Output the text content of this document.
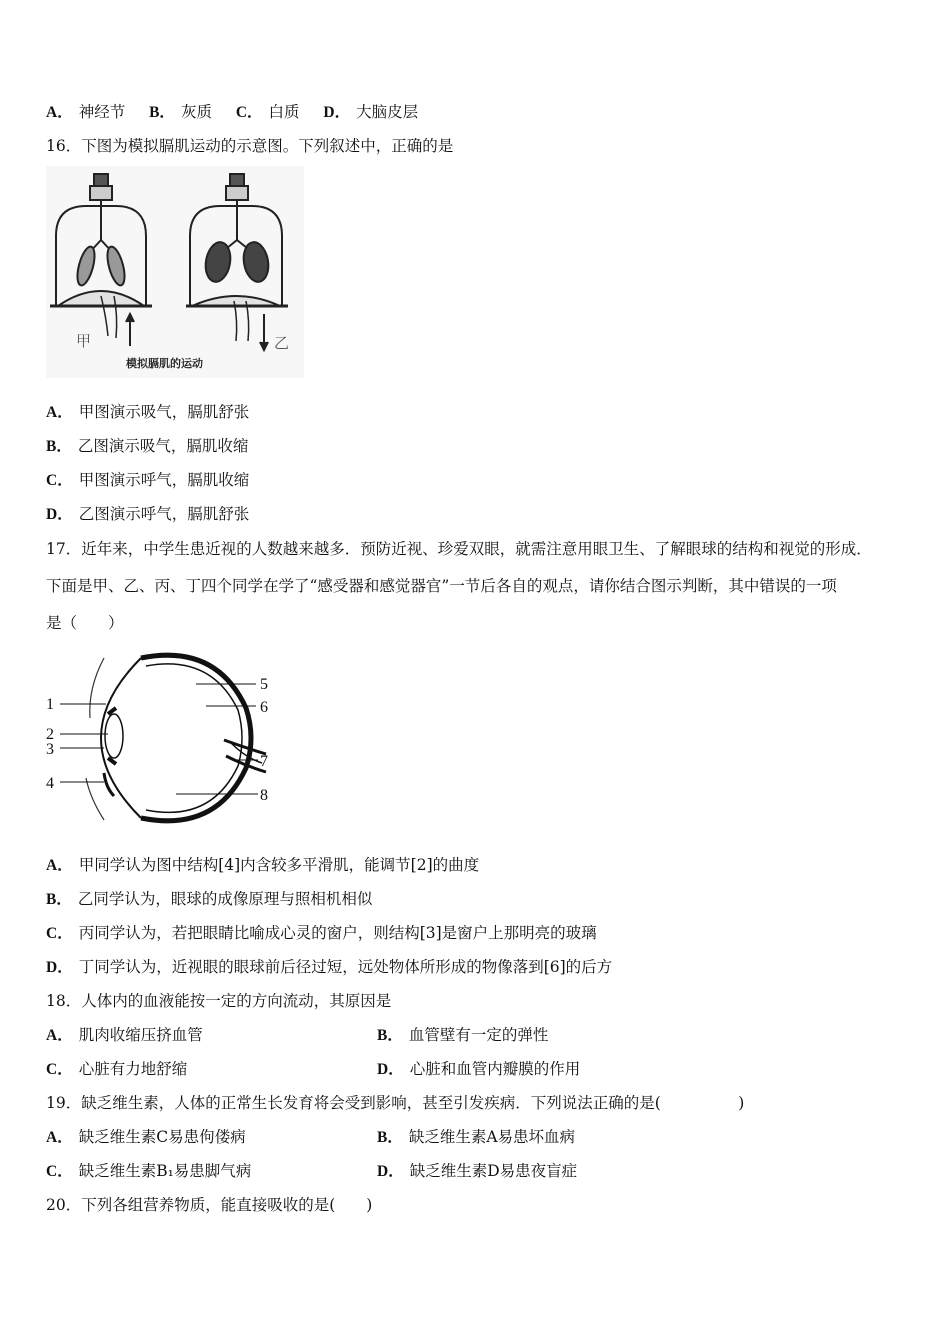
A． 神经节 B． 灰质 C． 白质 D． 大脑皮层
16．下图为模拟膈肌运动的示意图。下列叙述中，正确的是
甲	乙
模拟膈肌的运动
A． 甲图演示吸气，膈肌舒张
B． 乙图演示吸气，膈肌收缩
C． 甲图演示呼气，膈肌收缩
D． 乙图演示呼气，膈肌舒张
17．近年来，中学生患近视的人数越来越多．预防近视、珍爱双眼，就需注意用眼卫生、了解眼球的结构和视觉的形成．
下面是甲、乙、丙、丁四个同学在学了“感受器和感觉器官”一节后各自的观点，请你结合图示判断，其中错误的一项
是（　　）
1
2
3
4
5
6
7
8
A． 甲同学认为图中结构[4]内含较多平滑肌，能调节[2]的曲度
B． 乙同学认为，眼球的成像原理与照相机相似
C． 丙同学认为，若把眼睛比喻成心灵的窗户，则结构[3]是窗户上那明亮的玻璃
D． 丁同学认为，近视眼的眼球前后径过短，远处物体所形成的物像落到[6]的后方
18．人体内的血液能按一定的方向流动，其原因是
A． 肌肉收缩压挤血管	B． 血管壁有一定的弹性
C． 心脏有力地舒缩	D． 心脏和血管内瓣膜的作用
19．缺乏维生素，人体的正常生长发育将会受到影响，甚至引发疾病．下列说法正确的是(　　　　　)
A． 缺乏维生素C易患佝偻病	B． 缺乏维生素A易患坏血病
C． 缺乏维生素B₁易患脚气病	D． 缺乏维生素D易患夜盲症
20．下列各组营养物质，能直接吸收的是(　　)
